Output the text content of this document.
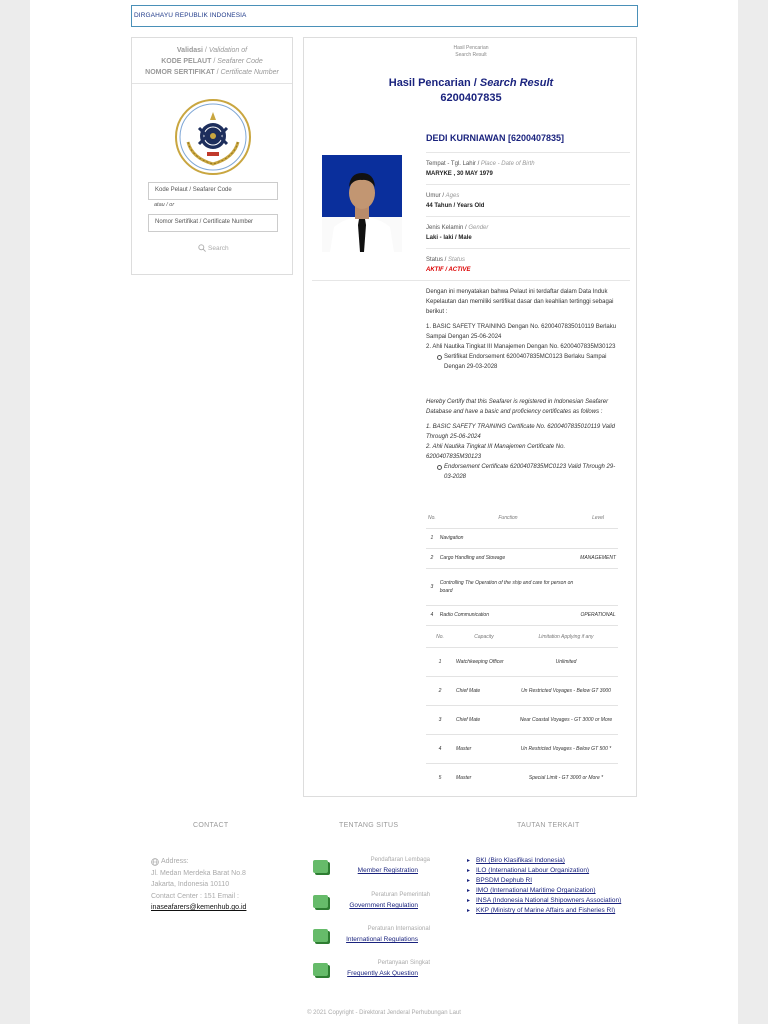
DIRGAHAYU REPUBLIK INDONESIA
Validasi / Validation of
KODE PELAUT / Seafarer Code
NOMOR SERTIFIKAT / Certificate Number
Kode Pelaut / Seafarer Code
atau / or
Nomor Sertifikat / Certificate Number
Search
Hasil Pencarian
Search Result
Hasil Pencarian / Search Result
6200407835
DEDI KURNIAWAN [6200407835]
Tempat - Tgl. Lahir / Place - Date of Birth
MARYKE , 30 MAY 1979
Umur / Ages
44 Tahun / Years Old
Jenis Kelamin / Gender
Laki - laki / Male
Status / Status
AKTIF / ACTIVE
Dengan ini menyatakan bahwa Pelaut ini terdaftar dalam Data Induk Kepelautan dan memiliki sertifikat dasar dan keahlian tertinggi sebagai berikut :
1. BASIC SAFETY TRAINING Dengan No. 6200407835010119 Berlaku Sampai Dengan 25-06-2024
2. Ahli Nautika Tingkat III Manajemen Dengan No. 6200407835M30123
Sertifikat Endorsement 6200407835MC0123 Berlaku Sampai Dengan 29-03-2028
Hereby Certify that this Seafarer is registered in Indonesian Seafarer Database and have a basic and proficiency certificates as follows :
1. BASIC SAFETY TRAINING Certificate No. 6200407835010119 Valid Through 25-06-2024
2. Ahli Nautika Tingkat III Manajemen Certificate No. 6200407835M30123
Endorsement Certificate 6200407835MC0123 Valid Through 29-03-2028
No.	Function	Level
1	Navigation	
2	Cargo Handling and Stowage	MANAGEMENT
3	Controlling The Operation of the ship and care for person on board	
4	Radio Communication	OPERATIONAL
No.	Capacity	Limitation Applying if any
1	Watchkeeping Officer	Unlimited
2	Chief Mate	Un Restricted Voyages - Below GT 3000
3	Chief Mate	Near Coastal Voyages - GT 3000 or More
4	Master	Un Restricted Voyages - Below GT 500 *
5	Master	Special Limit - GT 3000 or More *
CONTACT	TENTANG SITUS	TAUTAN TERKAIT
Address:
Jl. Medan Merdeka Barat No.8
Jakarta, Indonesia 10110
Contact Center : 151 Email :
inaseafarers@kemenhub.go.id
Pendaftaran Lembaga
Member Registration
Peraturan Pemerintah
Government Regulation
Peraturan Internasional
International Regulations
Pertanyaan Singkat
Frequently Ask Question
▸ BKI (Biro Klasifikasi Indonesia)
▸ ILO (International Labour Organization)
▸ BPSDM Dephub RI
▸ IMO (International Maritime Organization)
▸ INSA (Indonesia National Shipowners Association)
▸ KKP (Ministry of Marine Affairs and Fisheries RI)
© 2021 Copyright - Direktorat Jenderal Perhubungan Laut
